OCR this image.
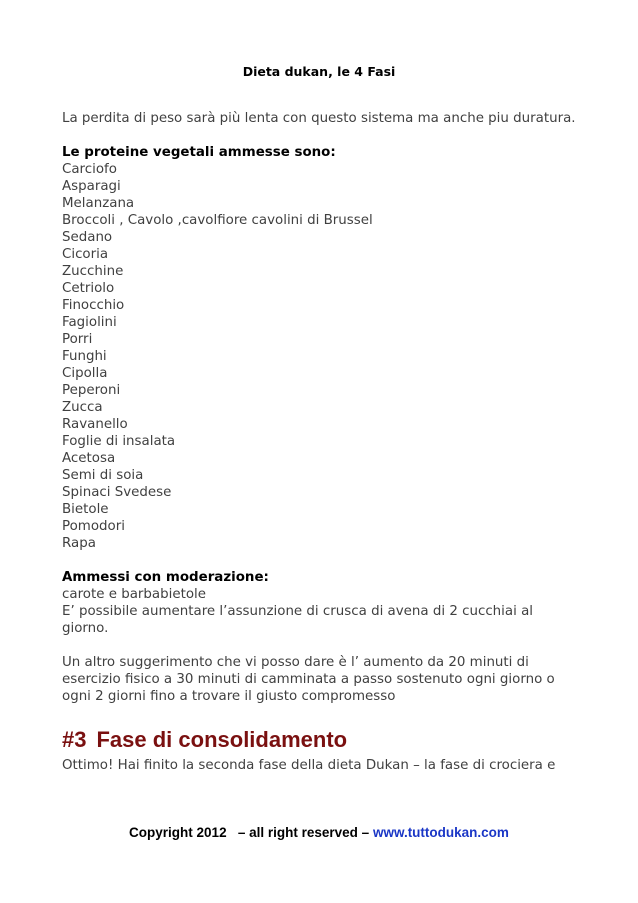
Dieta dukan, le 4 Fasi

La perdita di peso sarà più lenta con questo sistema ma anche piu duratura.

Le proteine vegetali ammesse sono:

Carciofo
Asparagi
Melanzana
Broccoli , Cavolo ,cavolfiore cavolini di Brussel
Sedano
Cicoria
Zucchine
Cetriolo
Finocchio
Fagiolini
Porri
Funghi
Cipolla
Peperoni
Zucca
Ravanello
Foglie di insalata
Acetosa
Semi di soia
Spinaci Svedese
Bietole
Pomodori
Rapa

Ammessi con moderazione:

carote e barbabietole

E’ possibile aumentare l’assunzione di crusca di avena di 2 cucchiai al giorno.

Un altro suggerimento che vi posso dare è l’ aumento da 20 minuti di esercizio fisico a 30 minuti di camminata a passo sostenuto ogni giorno o ogni 2 giorni fino a trovare il giusto compromesso

#3 Fase di consolidamento

Ottimo! Hai finito la seconda fase della dieta Dukan – la fase di crociera e

Copyright 2012 – all right reserved – www.tuttodukan.com
